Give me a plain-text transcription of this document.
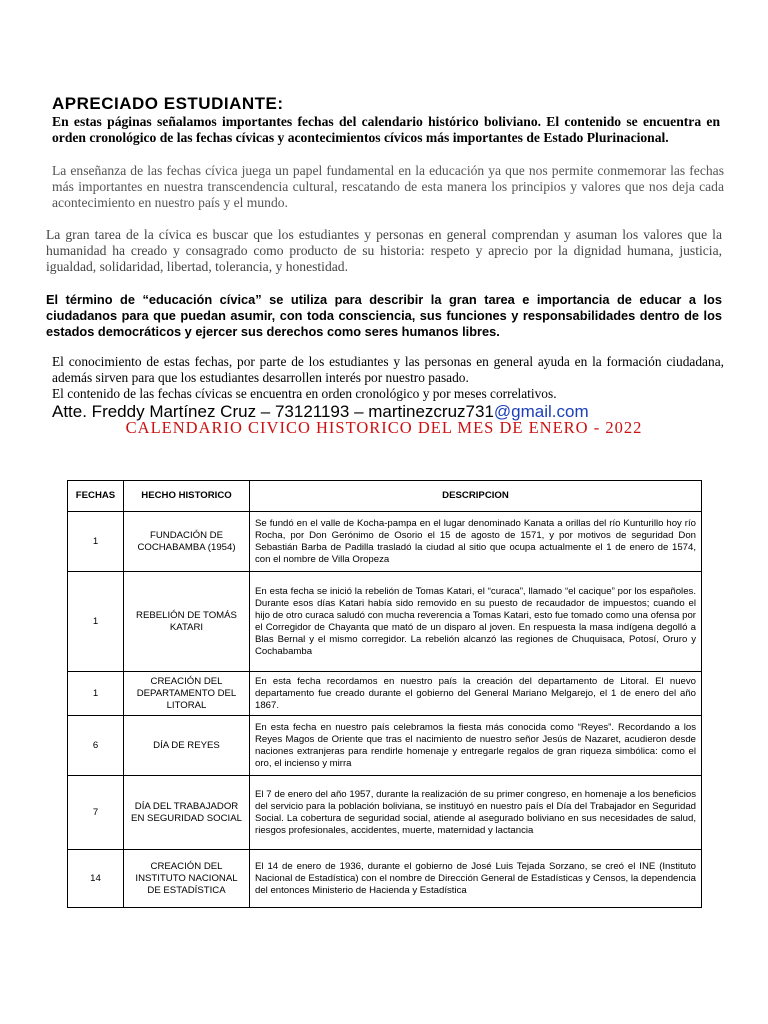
APRECIADO ESTUDIANTE:
En estas páginas señalamos importantes fechas del calendario histórico boliviano. El contenido se encuentra en orden cronológico de las fechas cívicas y acontecimientos cívicos más importantes de Estado Plurinacional.
La enseñanza de las fechas cívica juega un papel fundamental en la educación ya que nos permite conmemorar las fechas más importantes en nuestra transcendencia cultural, rescatando de esta manera los principios y valores que nos deja cada acontecimiento en nuestro país y el mundo.
La gran tarea de la cívica es buscar que los estudiantes y personas en general comprendan y asuman los valores que la humanidad ha creado y consagrado como producto de su historia: respeto y aprecio por la dignidad humana, justicia, igualdad, solidaridad, libertad, tolerancia, y honestidad.
El término de “educación cívica” se utiliza para describir la gran tarea e importancia de educar a los ciudadanos para que puedan asumir, con toda consciencia, sus funciones y responsabilidades dentro de los estados democráticos y ejercer sus derechos como seres humanos libres.
El conocimiento de estas fechas, por parte de los estudiantes y las personas en general ayuda en la formación ciudadana, además sirven para que los estudiantes desarrollen interés por nuestro pasado.
El contenido de las fechas cívicas se encuentra en orden cronológico y por meses correlativos.
Atte. Freddy Martínez Cruz – 73121193 – martinezcruz731@gmail.com
CALENDARIO CIVICO HISTORICO DEL MES DE ENERO - 2022
FECHAS	HECHO HISTORICO	DESCRIPCION
1	FUNDACIÓN DE COCHABAMBA (1954)	Se fundó en el valle de Kocha-pampa en el lugar denominado Kanata a orillas del río Kunturillo hoy río Rocha, por Don Gerónimo de Osorio el 15 de agosto de 1571, y por motivos de seguridad Don Sebastián Barba de Padilla trasladó la ciudad al sitio que ocupa actualmente el 1 de enero de 1574, con el nombre de Villa Oropeza
1	REBELIÓN DE TOMÁS KATARI	En esta fecha se inició la rebelión de Tomas Katari, el “curaca”, llamado “el cacique” por los españoles. Durante esos días Katari había sido removido en su puesto de recaudador de impuestos; cuando el hijo de otro curaca saludó con mucha reverencia a Tomas Katari, esto fue tomado como una ofensa por el Corregidor de Chayanta que mató de un disparo al joven. En respuesta la masa indígena degolló a Blas Bernal y el mismo corregidor. La rebelión alcanzó las regiones de Chuquisaca, Potosí, Oruro y Cochabamba
1	CREACIÓN DEL DEPARTAMENTO DEL LITORAL	En esta fecha recordamos en nuestro país la creación del departamento de Litoral. El nuevo departamento fue creado durante el gobierno del General Mariano Melgarejo, el 1 de enero del año 1867.
6	DÍA DE REYES	En esta fecha en nuestro país celebramos la fiesta más conocida como “Reyes”. Recordando a los Reyes Magos de Oriente que tras el nacimiento de nuestro señor Jesús de Nazaret, acudieron desde naciones extranjeras para rendirle homenaje y entregarle regalos de gran riqueza simbólica: como el oro, el incienso y mirra
7	DÍA DEL TRABAJADOR EN SEGURIDAD SOCIAL	El 7 de enero del año 1957, durante la realización de su primer congreso, en homenaje a los beneficios del servicio para la población boliviana, se instituyó en nuestro país el Día del Trabajador en Seguridad Social. La cobertura de seguridad social, atiende al asegurado boliviano en sus necesidades de salud, riesgos profesionales, accidentes, muerte, maternidad y lactancia
14	CREACIÓN DEL INSTITUTO NACIONAL DE ESTADÍSTICA	El 14 de enero de 1936, durante el gobierno de José Luis Tejada Sorzano, se creó el INE (Instituto Nacional de Estadística) con el nombre de Dirección General de Estadísticas y Censos, la dependencia del entonces Ministerio de Hacienda y Estadística
